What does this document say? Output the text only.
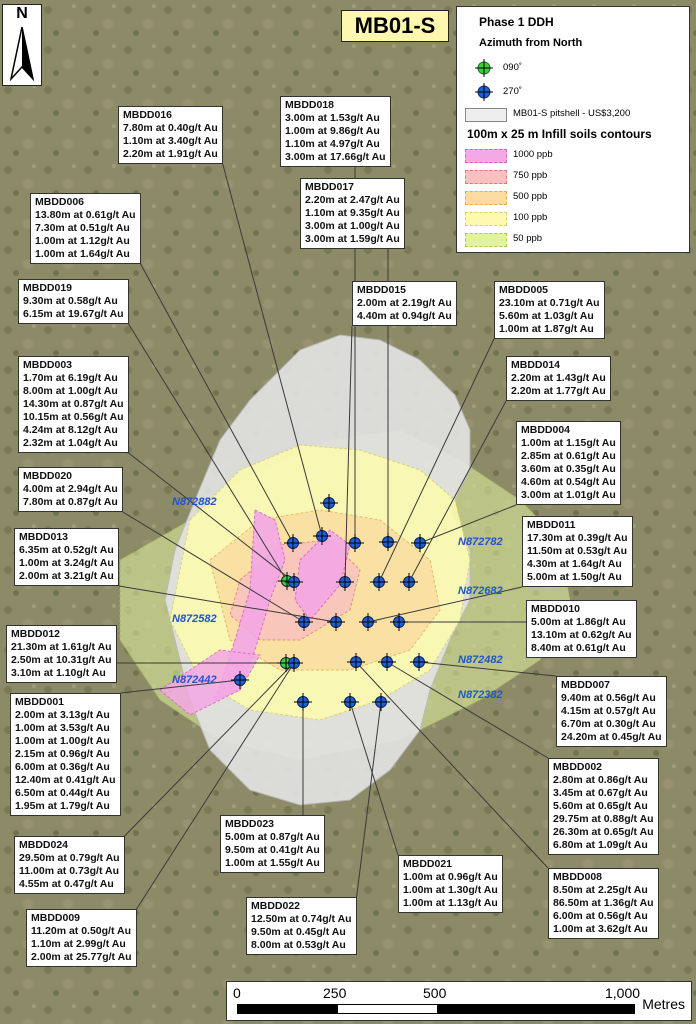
N	MB01-S	Phase 1 DDH
Azimuth from North
090˚
270˚
MB01-S pitshell - US$3,200
100m x 25 m Infill soils contours
1000 ppb
750 ppb
500 ppb
100 ppb
50 ppb
N872882
N872782
N872682
N872582
N872482
N872442
N872382
MBDD016
7.80m at 0.40g/t Au
1.10m at 3.40g/t Au
2.20m at 1.91g/t Au
MBDD018
3.00m at 1.53g/t Au
1.00m at 9.86g/t Au
1.10m at 4.97g/t Au
3.00m at 17.66g/t Au
MBDD006
13.80m at 0.61g/t Au
7.30m at 0.51g/t Au
1.00m at 1.12g/t Au
1.00m at 1.64g/t Au
MBDD017
2.20m at 2.47g/t Au
1.10m at 9.35g/t Au
3.00m at 1.00g/t Au
3.00m at 1.59g/t Au
MBDD019
9.30m at 0.58g/t Au
6.15m at 19.67g/t Au
MBDD015
2.00m at 2.19g/t Au
4.40m at 0.94g/t Au
MBDD005
23.10m at 0.71g/t Au
5.60m at 1.03g/t Au
1.00m at 1.87g/t Au
MBDD003
1.70m at 6.19g/t Au
8.00m at 1.00g/t Au
14.30m at 0.87g/t Au
10.15m at 0.56g/t Au
4.24m at 8.12g/t Au
2.32m at 1.04g/t Au
MBDD014
2.20m at 1.43g/t Au
2.20m at 1.77g/t Au
MBDD004
1.00m at 1.15g/t Au
2.85m at 0.61g/t Au
3.60m at 0.35g/t Au
4.60m at 0.54g/t Au
3.00m at 1.01g/t Au
MBDD020
4.00m at 2.94g/t Au
7.80m at 0.87g/t Au
MBDD013
6.35m at 0.52g/t Au
1.00m at 3.24g/t Au
2.00m at 3.21g/t Au
MBDD011
17.30m at 0.39g/t Au
11.50m at 0.53g/t Au
4.30m at 1.64g/t Au
5.00m at 1.50g/t Au
MBDD010
5.00m at 1.86g/t Au
13.10m at 0.62g/t Au
8.40m at 0.61g/t Au
MBDD012
21.30m at 1.61g/t Au
2.50m at 10.31g/t Au
3.10m at 1.10g/t Au
MBDD007
9.40m at 0.56g/t Au
4.15m at 0.57g/t Au
6.70m at 0.30g/t Au
24.20m at 0.45g/t Au
MBDD001
2.00m at 3.13g/t Au
1.00m at 3.53g/t Au
1.00m at 1.00g/t Au
2.15m at 0.96g/t Au
6.00m at 0.36g/t Au
12.40m at 0.41g/t Au
6.50m at 0.44g/t Au
1.95m at 1.79g/t Au
MBDD002
2.80m at 0.86g/t Au
3.45m at 0.67g/t Au
5.60m at 0.65g/t Au
29.75m at 0.88g/t Au
26.30m at 0.65g/t Au
6.80m at 1.09g/t Au
MBDD023
5.00m at 0.87g/t Au
9.50m at 0.41g/t Au
1.00m at 1.55g/t Au	MBDD021
1.00m at 0.96g/t Au
1.00m at 1.30g/t Au
1.00m at 1.13g/t Au
MBDD024
29.50m at 0.79g/t Au
11.00m at 0.73g/t Au
4.55m at 0.47g/t Au
MBDD008
8.50m at 2.25g/t Au
86.50m at 1.36g/t Au
6.00m at 0.56g/t Au
1.00m at 3.62g/t Au
MBDD022
12.50m at 0.74g/t Au
9.50m at 0.45g/t Au
8.00m at 0.53g/t Au
MBDD009
11.20m at 0.50g/t Au
1.10m at 2.99g/t Au
2.00m at 25.77g/t Au
0	250	500	1,000
Metres
